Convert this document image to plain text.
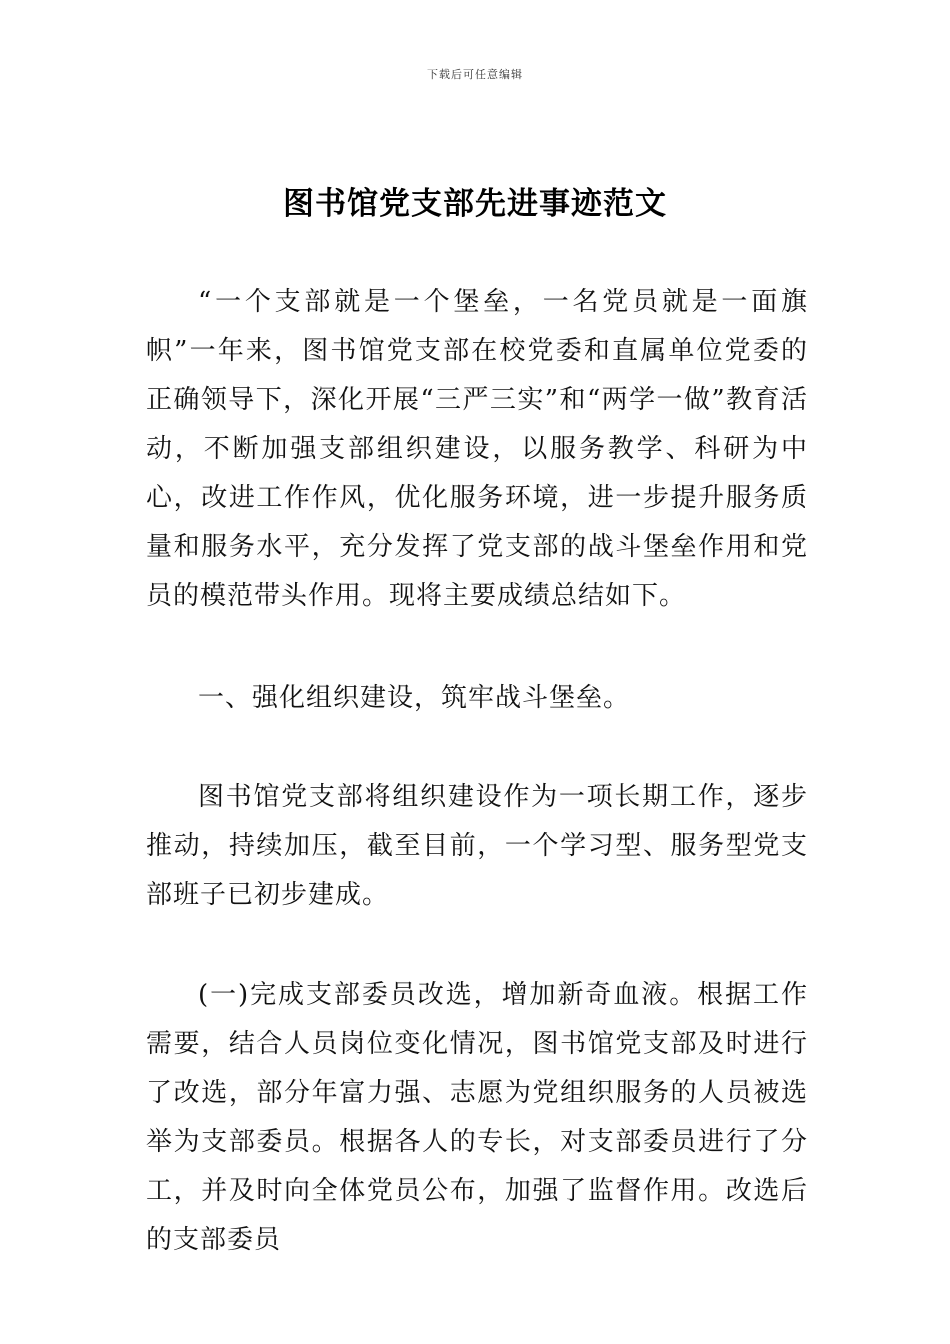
下载后可任意编辑
图书馆党支部先进事迹范文

“一个支部就是一个堡垒，一名党员就是一面旗帜”一年来，图书馆党支部在校党委和直属单位党委的正确领导下，深化开展“三严三实”和“两学一做”教育活动，不断加强支部组织建设，以服务教学、科研为中心，改进工作作风，优化服务环境，进一步提升服务质量和服务水平，充分发挥了党支部的战斗堡垒作用和党员的模范带头作用。现将主要成绩总结如下。

一、强化组织建设，筑牢战斗堡垒。

图书馆党支部将组织建设作为一项长期工作，逐步推动，持续加压，截至目前，一个学习型、服务型党支部班子已初步建成。

(一)完成支部委员改选，增加新奇血液。根据工作需要，结合人员岗位变化情况，图书馆党支部及时进行了改选，部分年富力强、志愿为党组织服务的人员被选举为支部委员。根据各人的专长，对支部委员进行了分工，并及时向全体党员公布，加强了监督作用。改选后的支部委员
